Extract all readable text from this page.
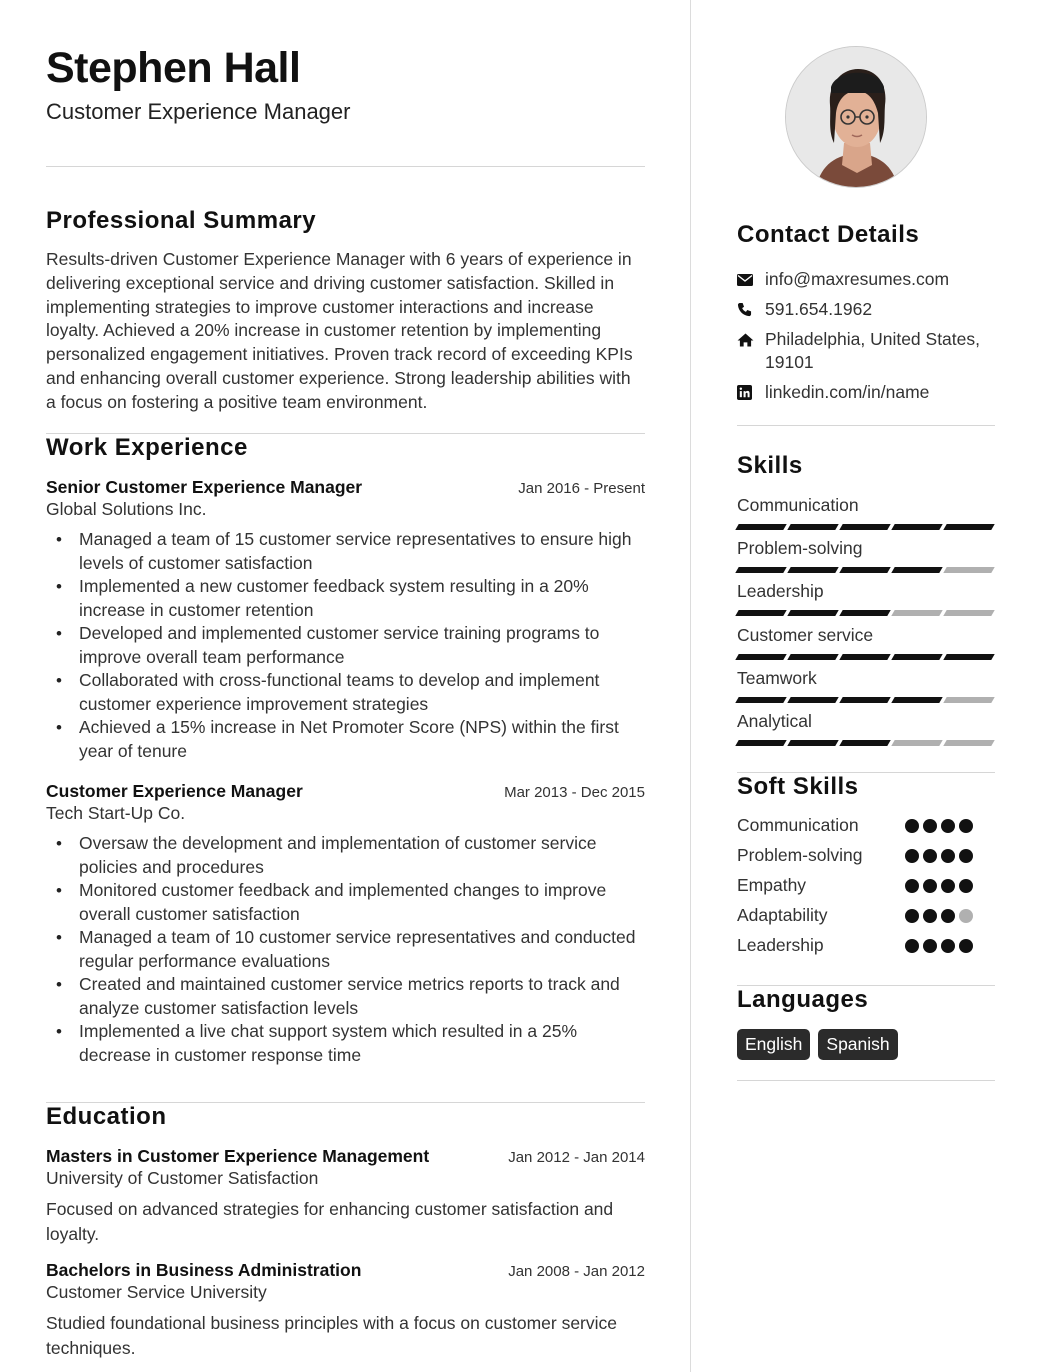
Stephen Hall
Customer Experience Manager
Professional Summary
Results-driven Customer Experience Manager with 6 years of experience in delivering exceptional service and driving customer satisfaction. Skilled in implementing strategies to improve customer interactions and increase loyalty. Achieved a 20% increase in customer retention by implementing personalized engagement initiatives. Proven track record of exceeding KPIs and enhancing overall customer experience. Strong leadership abilities with a focus on fostering a positive team environment.
Work Experience
Senior Customer Experience Manager	Jan 2016 - Present
Global Solutions Inc.
• Managed a team of 15 customer service representatives to ensure high levels of customer satisfaction
• Implemented a new customer feedback system resulting in a 20% increase in customer retention
• Developed and implemented customer service training programs to improve overall team performance
• Collaborated with cross-functional teams to develop and implement customer experience improvement strategies
• Achieved a 15% increase in Net Promoter Score (NPS) within the first year of tenure
Customer Experience Manager	Mar 2013 - Dec 2015
Tech Start-Up Co.
• Oversaw the development and implementation of customer service policies and procedures
• Monitored customer feedback and implemented changes to improve overall customer satisfaction
• Managed a team of 10 customer service representatives and conducted regular performance evaluations
• Created and maintained customer service metrics reports to track and analyze customer satisfaction levels
• Implemented a live chat support system which resulted in a 25% decrease in customer response time
Education
Masters in Customer Experience Management	Jan 2012 - Jan 2014
University of Customer Satisfaction
Focused on advanced strategies for enhancing customer satisfaction and loyalty.
Bachelors in Business Administration	Jan 2008 - Jan 2012
Customer Service University
Studied foundational business principles with a focus on customer service techniques.
Contact Details
info@maxresumes.com
591.654.1962
Philadelphia, United States, 19101
linkedin.com/in/name
Skills
Communication
Problem-solving
Leadership
Customer service
Teamwork
Analytical
Soft Skills
Communication
Problem-solving
Empathy
Adaptability
Leadership
Languages
English	Spanish
